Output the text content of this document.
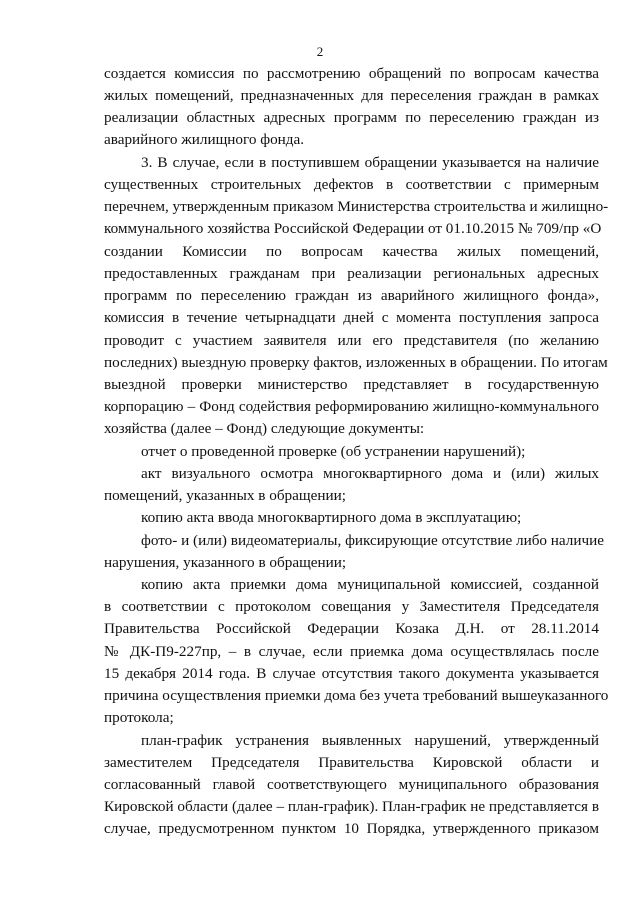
2
создается комиссия по рассмотрению обращений по вопросам качества
жилых помещений, предназначенных для переселения граждан в рамках
реализации областных адресных программ по переселению граждан из
аварийного жилищного фонда.
3. В случае, если в поступившем обращении указывается на наличие
существенных строительных дефектов в соответствии с примерным
перечнем, утвержденным приказом Министерства строительства и жилищно-
коммунального хозяйства Российской Федерации от 01.10.2015 № 709/пр «О
создании Комиссии по вопросам качества жилых помещений,
предоставленных гражданам при реализации региональных адресных
программ по переселению граждан из аварийного жилищного фонда»,
комиссия в течение четырнадцати дней с момента поступления запроса
проводит с участием заявителя или его представителя (по желанию
последних) выездную проверку фактов, изложенных в обращении. По итогам
выездной проверки министерство представляет в государственную
корпорацию – Фонд содействия реформированию жилищно-коммунального
хозяйства (далее – Фонд) следующие документы:
отчет о проведенной проверке (об устранении нарушений);
акт визуального осмотра многоквартирного дома и (или) жилых
помещений, указанных в обращении;
копию акта ввода многоквартирного дома в эксплуатацию;
фото- и (или) видеоматериалы, фиксирующие отсутствие либо наличие
нарушения, указанного в обращении;
копию акта приемки дома муниципальной комиссией, созданной
в соответствии с протоколом совещания у Заместителя Председателя
Правительства Российской Федерации Козака Д.Н. от 28.11.2014
№ ДК-П9-227пр, – в случае, если приемка дома осуществлялась после
15 декабря 2014 года. В случае отсутствия такого документа указывается
причина осуществления приемки дома без учета требований вышеуказанного
протокола;
план-график устранения выявленных нарушений, утвержденный
заместителем Председателя Правительства Кировской области и
согласованный главой соответствующего муниципального образования
Кировской области (далее – план-график). План-график не представляется в
случае, предусмотренном пунктом 10 Порядка, утвержденного приказом
